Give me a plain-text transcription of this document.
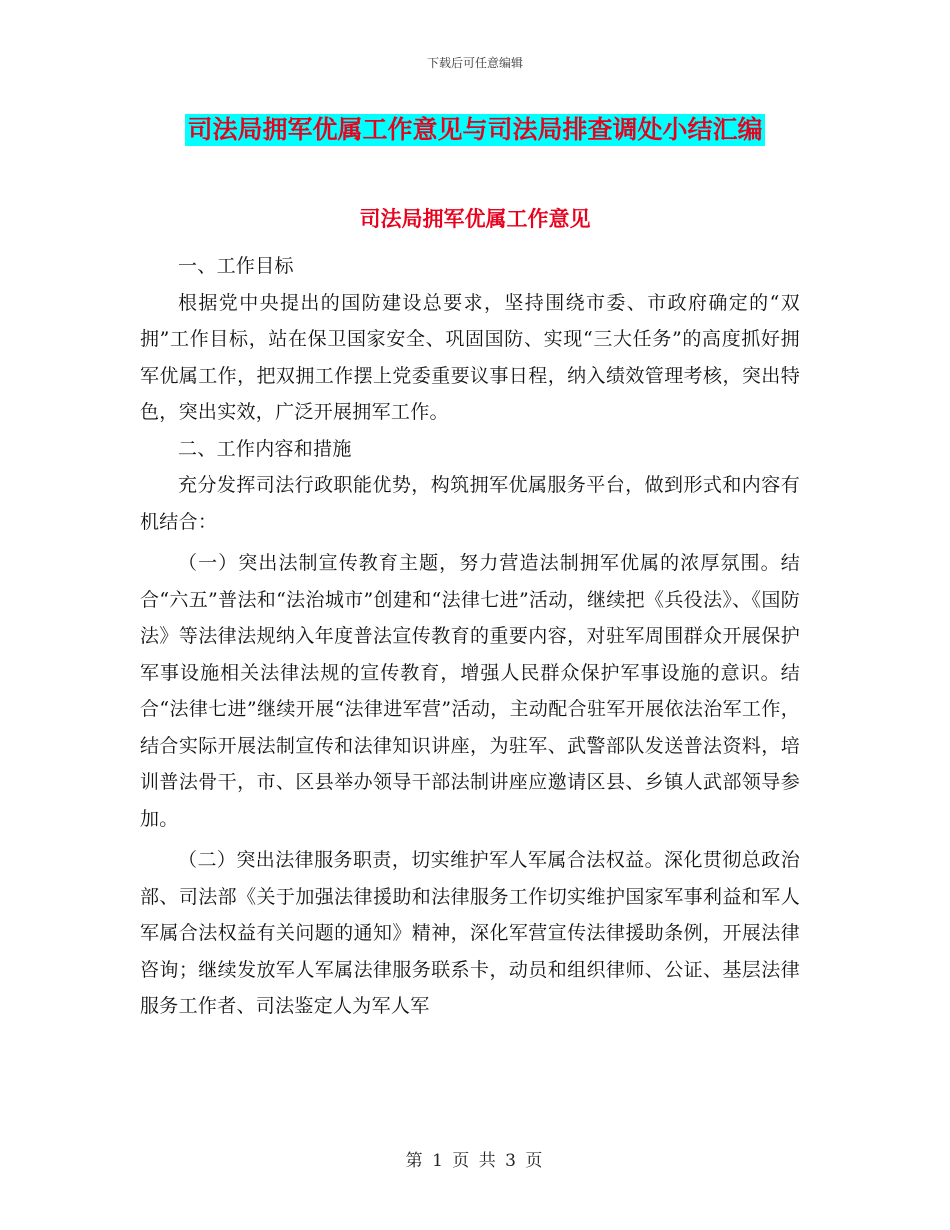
下载后可任意编辑
司法局拥军优属工作意见与司法局排查调处小结汇编
司法局拥军优属工作意见

一、工作目标

根据党中央提出的国防建设总要求，坚持围绕市委、市政府确定的“双拥”工作目标，站在保卫国家安全、巩固国防、实现“三大任务”的高度抓好拥军优属工作，把双拥工作摆上党委重要议事日程，纳入绩效管理考核，突出特色，突出实效，广泛开展拥军工作。

二、工作内容和措施

充分发挥司法行政职能优势，构筑拥军优属服务平台，做到形式和内容有机结合：

（一）突出法制宣传教育主题，努力营造法制拥军优属的浓厚氛围。结合“六五”普法和“法治城市”创建和“法律七进”活动，继续把《兵役法》、《国防法》等法律法规纳入年度普法宣传教育的重要内容，对驻军周围群众开展保护军事设施相关法律法规的宣传教育，增强人民群众保护军事设施的意识。结合“法律七进”继续开展“法律进军营”活动，主动配合驻军开展依法治军工作，结合实际开展法制宣传和法律知识讲座，为驻军、武警部队发送普法资料，培训普法骨干，市、区县举办领导干部法制讲座应邀请区县、乡镇人武部领导参加。

（二）突出法律服务职责，切实维护军人军属合法权益。深化贯彻总政治部、司法部《关于加强法律援助和法律服务工作切实维护国家军事利益和军人军属合法权益有关问题的通知》精神，深化军营宣传法律援助条例，开展法律咨询；继续发放军人军属法律服务联系卡，动员和组织律师、公证、基层法律服务工作者、司法鉴定人为军人军

第 1 页 共 3 页
